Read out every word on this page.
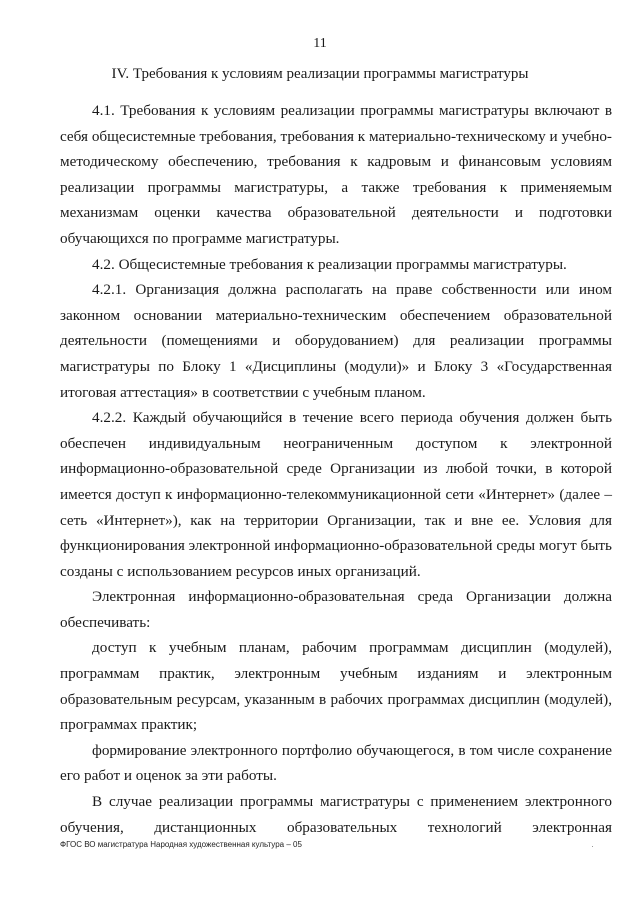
11
IV. Требования к условиям реализации программы магистратуры

4.1. Требования к условиям реализации программы магистратуры включают в себя общесистемные требования, требования к материально-техническому и учебно-методическому обеспечению, требования к кадровым и финансовым условиям реализации программы магистратуры, а также требования к применяемым механизмам оценки качества образовательной деятельности и подготовки обучающихся по программе магистратуры.

4.2. Общесистемные требования к реализации программы магистратуры.

4.2.1. Организация должна располагать на праве собственности или ином законном основании материально-техническим обеспечением образовательной деятельности (помещениями и оборудованием) для реализации программы магистратуры по Блоку 1 «Дисциплины (модули)» и Блоку 3 «Государственная итоговая аттестация» в соответствии с учебным планом.

4.2.2. Каждый обучающийся в течение всего периода обучения должен быть обеспечен индивидуальным неограниченным доступом к электронной информационно-образовательной среде Организации из любой точки, в которой имеется доступ к информационно-телекоммуникационной сети «Интернет» (далее – сеть «Интернет»), как на территории Организации, так и вне ее. Условия для функционирования электронной информационно-образовательной среды могут быть созданы с использованием ресурсов иных организаций.

Электронная информационно-образовательная среда Организации должна обеспечивать:

доступ к учебным планам, рабочим программам дисциплин (модулей), программам практик, электронным учебным изданиям и электронным образовательным ресурсам, указанным в рабочих программах дисциплин (модулей), программах практик;

формирование электронного портфолио обучающегося, в том числе сохранение его работ и оценок за эти работы.

В случае реализации программы магистратуры с применением электронного обучения, дистанционных образовательных технологий электронная

ФГОС ВО магистратура Народная художественная культура – 05
